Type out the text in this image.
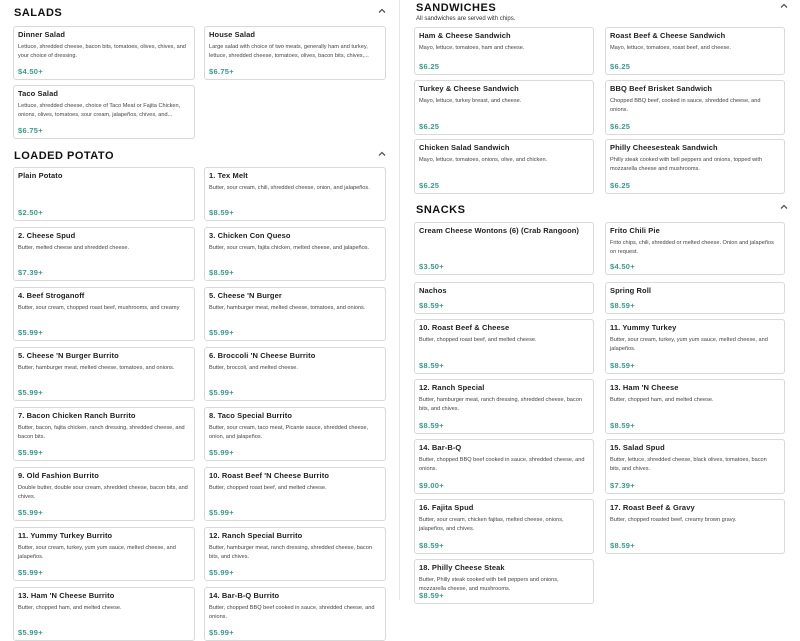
SALADS
Dinner Salad
Lettuce, shredded cheese, bacon bits, tomatoes, olives, chives, and your choice of dressing.
$4.50+
House Salad
Large salad with choice of two meats, generally ham and turkey, lettuce, shredded cheese, tomatoes, olives, bacon bits, chives,...
$6.75+
Taco Salad
Lettuce, shredded cheese, choice of Taco Meat or Fajita Chicken, onions, olives, tomatoes, sour cream, jalapeños, chives, and...
$6.75+
LOADED POTATO
Plain Potato
$2.50+
1. Tex Melt
Butter, sour cream, chili, shredded cheese, onion, and jalapeños.
$8.59+
2. Cheese Spud
Butter, melted cheese and shredded cheese.
$7.39+
3. Chicken Con Queso
Butter, sour cream, fajita chicken, melted cheese, and jalapeños.
$8.59+
4. Beef Stroganoff
Butter, sour cream, chopped roast beef, mushrooms, and creamy
$5.99+
5. Cheese 'N Burger
Butter, hamburger meat, melted cheese, tomatoes, and onions.
$5.99+
5. Cheese 'N Burger Burrito
Butter, hamburger meat, melted cheese, tomatoes, and onions.
$5.99+
6. Broccoli 'N Cheese Burrito
Butter, broccoli, and melted cheese.
$5.99+
7. Bacon Chicken Ranch Burrito
Butter, bacon, fajita chicken, ranch dressing, shredded cheese, and bacon bits.
$5.99+
8. Taco Special Burrito
Butter, sour cream, taco meat, Picante sauce, shredded cheese, onion, and jalapeños.
$5.99+
9. Old Fashion Burrito
Double butter, double sour cream, shredded cheese, bacon bits, and chives.
$5.99+
10. Roast Beef 'N Cheese Burrito
Butter, chopped roast beef, and melted cheese.
$5.99+
11. Yummy Turkey Burrito
Butter, sour cream, turkey, yum yum sauce, melted cheese, and jalapeños.
$5.99+
12. Ranch Special Burrito
Butter, hamburger meat, ranch dressing, shredded cheese, bacon bits, and chives.
$5.99+
13. Ham 'N Cheese Burrito
Butter, chopped ham, and melted cheese.
$5.99+
14. Bar-B-Q Burrito
Butter, chopped BBQ beef cooked in sauce, shredded cheese, and onions.
$5.99+
SANDWICHES
All sandwiches are served with chips.
Ham & Cheese Sandwich
Mayo, lettuce, tomatoes, ham and cheese.
$6.25
Roast Beef & Cheese Sandwich
Mayo, lettuce, tomatoes, roast beef, and cheese.
$6.25
Turkey & Cheese Sandwich
Mayo, lettuce, turkey breast, and cheese.
$6.25
BBQ Beef Brisket Sandwich
Chopped BBQ beef, cooked in sauce, shredded cheese, and onions.
$6.25
Chicken Salad Sandwich
Mayo, lettuce, tomatoes, onions, olive, and chicken.
$6.25
Philly Cheesesteak Sandwich
Philly steak cooked with bell peppers and onions, topped with mozzarella cheese and mushrooms.
$6.25
SNACKS
Cream Cheese Wontons (6) (Crab Rangoon)
$3.50+
Frito Chili Pie
Frito chips, chili, shredded or melted cheese. Onion and jalapeños on request.
$4.50+
Nachos
$8.59+
Spring Roll
$8.59+
10. Roast Beef & Cheese
Butter, chopped roast beef, and melted cheese.
$8.59+
11. Yummy Turkey
Butter, sour cream, turkey, yum yum sauce, melted cheese, and jalapeños.
$8.59+
12. Ranch Special
Butter, hamburger meat, ranch dressing, shredded cheese, bacon bits, and chives.
$8.59+
13. Ham 'N Cheese
Butter, chopped ham, and melted cheese.
$8.59+
14. Bar-B-Q
Butter, chopped BBQ beef cooked in sauce, shredded cheese, and onions.
$9.00+
15. Salad Spud
Butter, lettuce, shredded cheese, black olives, tomatoes, bacon bits, and chives.
$7.39+
16. Fajita Spud
Butter, sour cream, chicken fajitas, melted cheese, onions, jalapeños, and chives.
$8.59+
17. Roast Beef & Gravy
Butter, chopped roasted beef, creamy brown gravy.
$8.59+
18. Philly Cheese Steak
Butter, Philly steak cooked with bell peppers and onions, mozzarella cheese, and mushrooms.
$8.59+
